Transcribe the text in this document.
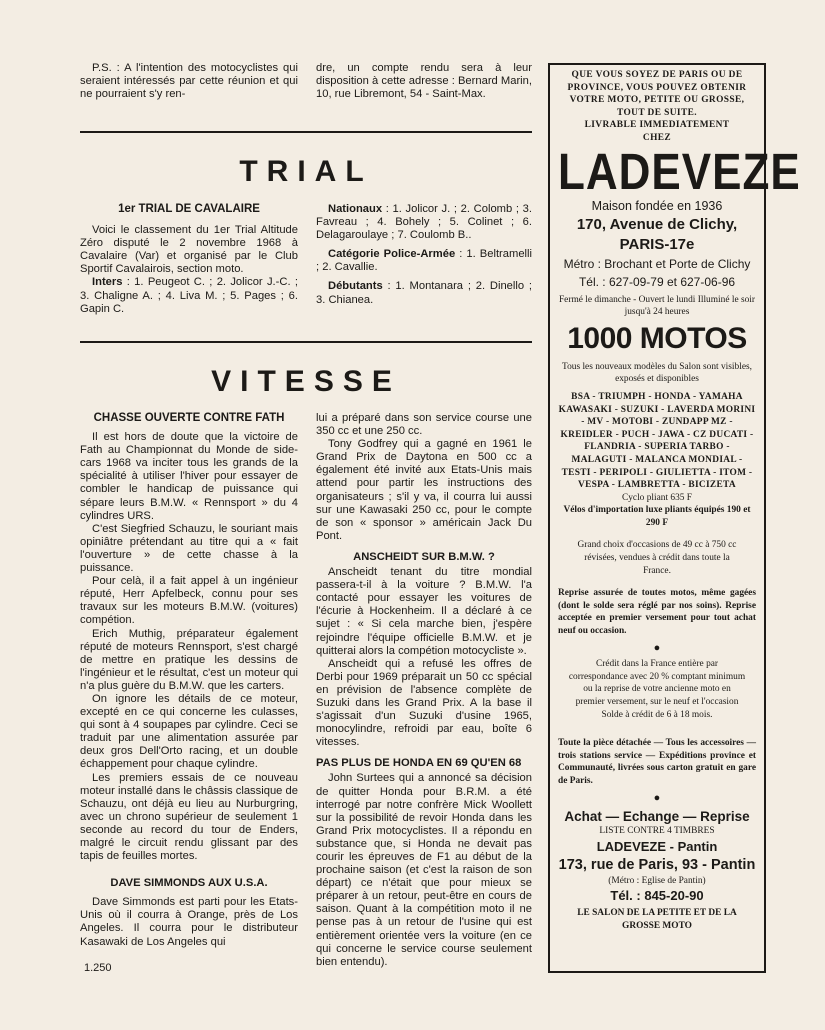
P.S. : A l'intention des motocyclistes qui seraient intéressés par cette réunion et qui ne pourraient s'y ren-

dre, un compte rendu sera à leur disposition à cette adresse : Bernard Marin, 10, rue Libremont, 54 - Saint-Max.

TRIAL
1er TRIAL DE CAVALAIRE

Voici le classement du 1er Trial Altitude Zéro disputé le 2 novembre 1968 à Cavalaire (Var) et organisé par le Club Sportif Cavalairois, section moto.

Inters : 1. Peugeot C. ; 2. Jolicor J.-C. ; 3. Chaligne A. ; 4. Liva M. ; 5. Pages ; 6. Gapin C.

Nationaux : 1. Jolicor J. ; 2. Colomb ; 3. Favreau ; 4. Bohely ; 5. Colinet ; 6. Delagaroulaye ; 7. Coulomb B..

Catégorie Police-Armée : 1. Beltramelli ; 2. Cavallie.

Débutants : 1. Montanara ; 2. Dinello ; 3. Chianea.

VITESSE
CHASSE OUVERTE CONTRE FATH

Il est hors de doute que la victoire de Fath au Championnat du Monde de side-cars 1968 va inciter tous les grands de la spécialité à utiliser l'hiver pour essayer de combler le handicap de puissance qui sépare leurs B.M.W. « Rennsport » du 4 cylindres URS.

C'est Siegfried Schauzu, le souriant mais opiniâtre prétendant au titre qui a « fait l'ouverture » de cette chasse à la puissance.

Pour celà, il a fait appel à un ingénieur réputé, Herr Apfelbeck, connu pour ses travaux sur les moteurs B.M.W. (voitures) compétion.

Erich Muthig, préparateur également réputé de moteurs Rennsport, s'est chargé de mettre en pratique les dessins de l'ingénieur et le résultat, c'est un moteur qui n'a plus guère du B.M.W. que les carters.

On ignore les détails de ce moteur, excepté en ce qui concerne les culasses, qui sont à 4 soupapes par cylindre. Ceci se traduit par une alimentation assurée par deux gros Dell'Orto racing, et un double échappement pour chaque cylindre.

Les premiers essais de ce nouveau moteur installé dans le châssis classique de Schauzu, ont déjà eu lieu au Nurburgring, avec un chrono supérieur de seulement 1 seconde au record du tour de Enders, malgré le circuit rendu glissant par des tapis de feuilles mortes.

DAVE SIMMONDS AUX U.S.A.

Dave Simmonds est parti pour les Etats-Unis où il courra à Orange, près de Los Angeles. Il courra pour le distributeur Kasawaki de Los Angeles qui

lui a préparé dans son service course une 350 cc et une 250 cc.

Tony Godfrey qui a gagné en 1961 le Grand Prix de Daytona en 500 cc a également été invité aux Etats-Unis mais attend pour partir les instructions des organisateurs ; s'il y va, il courra lui aussi sur une Kawasaki 250 cc, pour le compte de son « sponsor » américain Jack Du Pont.

ANSCHEIDT SUR B.M.W. ?

Anscheidt tenant du titre mondial passera-t-il à la voiture ? B.M.W. l'a contacté pour essayer les voitures de l'écurie à Hockenheim. Il a déclaré à ce sujet : « Si cela marche bien, j'espère rejoindre l'équipe officielle B.M.W. et je quitterai alors la compétion motocycliste ».

Anscheidt qui a refusé les offres de Derbi pour 1969 préparait un 50 cc spécial en prévision de l'absence complète de Suzuki dans les Grand Prix. A la base il s'agissait d'un Suzuki d'usine 1965, monocylindre, refroidi par eau, boîte 6 vitesses.

PAS PLUS DE HONDA EN 69 QU'EN 68

John Surtees qui a annoncé sa décision de quitter Honda pour B.R.M. a été interrogé par notre confrère Mick Woollett sur la possibilité de revoir Honda dans les Grand Prix motocyclistes. Il a répondu en substance que, si Honda ne devait pas courir les épreuves de F1 au début de la prochaine saison (et c'est la raison de son départ) ce n'était que pour mieux se préparer à un retour, peut-être en cours de saison. Quant à la compétition moto il ne pense pas à un retour de l'usine qui est entièrement orientée vers la voiture (en ce qui concerne le service course seulement bien entendu).

1.250
QUE VOUS SOYEZ DE PARIS OU DE PROVINCE, VOUS POUVEZ OBTENIR VOTRE MOTO, PETITE OU GROSSE, TOUT DE SUITE.
LIVRABLE IMMEDIATEMENT
CHEZ
LADEVEZE
Maison fondée en 1936
170, Avenue de Clichy, PARIS-17e
Métro : Brochant et Porte de Clichy
Tél. : 627-09-79 et 627-06-96
Fermé le dimanche - Ouvert le lundi Illuminé le soir jusqu'à 24 heures
1000 MOTOS
Tous les nouveaux modèles du Salon sont visibles, exposés et disponibles
BSA - TRIUMPH - HONDA - YAMAHA KAWASAKI - SUZUKI - LAVERDA MORINI - MV - MOTOBI - ZUNDAPP MZ - KREIDLER - PUCH - JAWA - CZ DUCATI - FLANDRIA - SUPERIA TARBO - MALAGUTI - MALANCA MONDIAL - TESTI - PERIPOLI - GIULIETTA - ITOM - VESPA - LAMBRETTA - BICIZETA
Cyclo pliant 635 F
Vélos d'importation luxe pliants équipés 190 et 290 F
Grand choix d'occasions de 49 cc à 750 cc révisées, vendues à crédit dans toute la France.
Reprise assurée de toutes motos, même gagées (dont le solde sera réglé par nos soins). Reprise acceptée en premier versement pour tout achat neuf ou occasion.
●
Crédit dans la France entière par correspondance avec 20 % comptant minimum ou la reprise de votre ancienne moto en premier versement, sur le neuf et l'occasion Solde à crédit de 6 à 18 mois.
Toute la pièce détachée — Tous les accessoires — trois stations service — Expéditions province et Communauté, livrées sous carton gratuit en gare de Paris.
●
Achat — Echange — Reprise
LISTE CONTRE 4 TIMBRES
LADEVEZE - Pantin
173, rue de Paris, 93 - Pantin
(Métro : Eglise de Pantin)
Tél. : 845-20-90
LE SALON DE LA PETITE ET DE LA GROSSE MOTO
